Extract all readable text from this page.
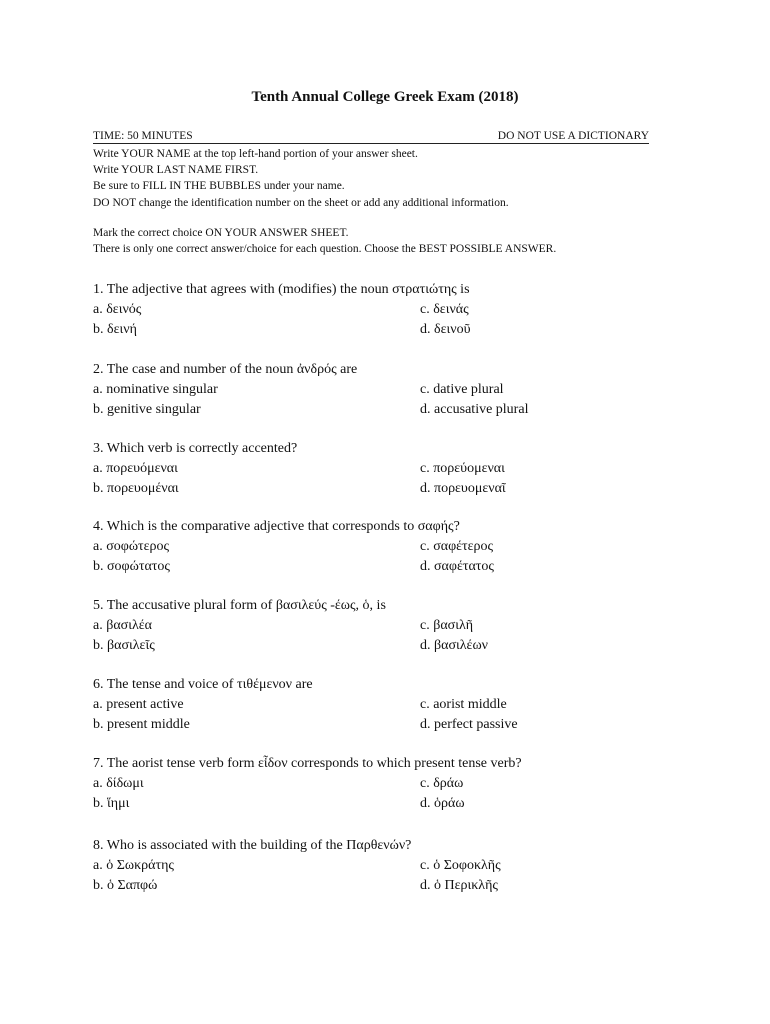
Tenth Annual College Greek Exam (2018)
TIME: 50 MINUTES	DO NOT USE A DICTIONARY
Write YOUR NAME at the top left-hand portion of your answer sheet.
Write YOUR LAST NAME FIRST.
Be sure to FILL IN THE BUBBLES under your name.
DO NOT change the identification number on the sheet or add any additional information.
Mark the correct choice ON YOUR ANSWER SHEET.
There is only one correct answer/choice for each question. Choose the BEST POSSIBLE ANSWER.
1. The adjective that agrees with (modifies) the noun στρατιώτης is
a. δεινός	c. δεινάς
b. δεινή	d. δεινοῦ
2. The case and number of the noun ἀνδρός are
a. nominative singular	c. dative plural
b. genitive singular	d. accusative plural
3. Which verb is correctly accented?
a. πορευόμεναι	c. πορεύομεναι
b. πορευομέναι	d. πορευομεναῖ
4. Which is the comparative adjective that corresponds to σαφής?
a. σοφώτερος	c. σαφέτερος
b. σοφώτατος	d. σαφέτατος
5. The accusative plural form of βασιλεύς -έως, ὁ, is
a. βασιλέα	c. βασιλῆ
b. βασιλεῖς	d. βασιλέων
6. The tense and voice of τιθέμενον are
a. present active	c. aorist middle
b. present middle	d. perfect passive
7. The aorist tense verb form εἶδον corresponds to which present tense verb?
a. δίδωμι	c. δράω
b. ἵημι	d. ὁράω
8. Who is associated with the building of the Παρθενών?
a. ὁ Σωκράτης	c. ὁ Σοφοκλῆς
b. ὁ Σαπφώ	d. ὁ Περικλῆς
